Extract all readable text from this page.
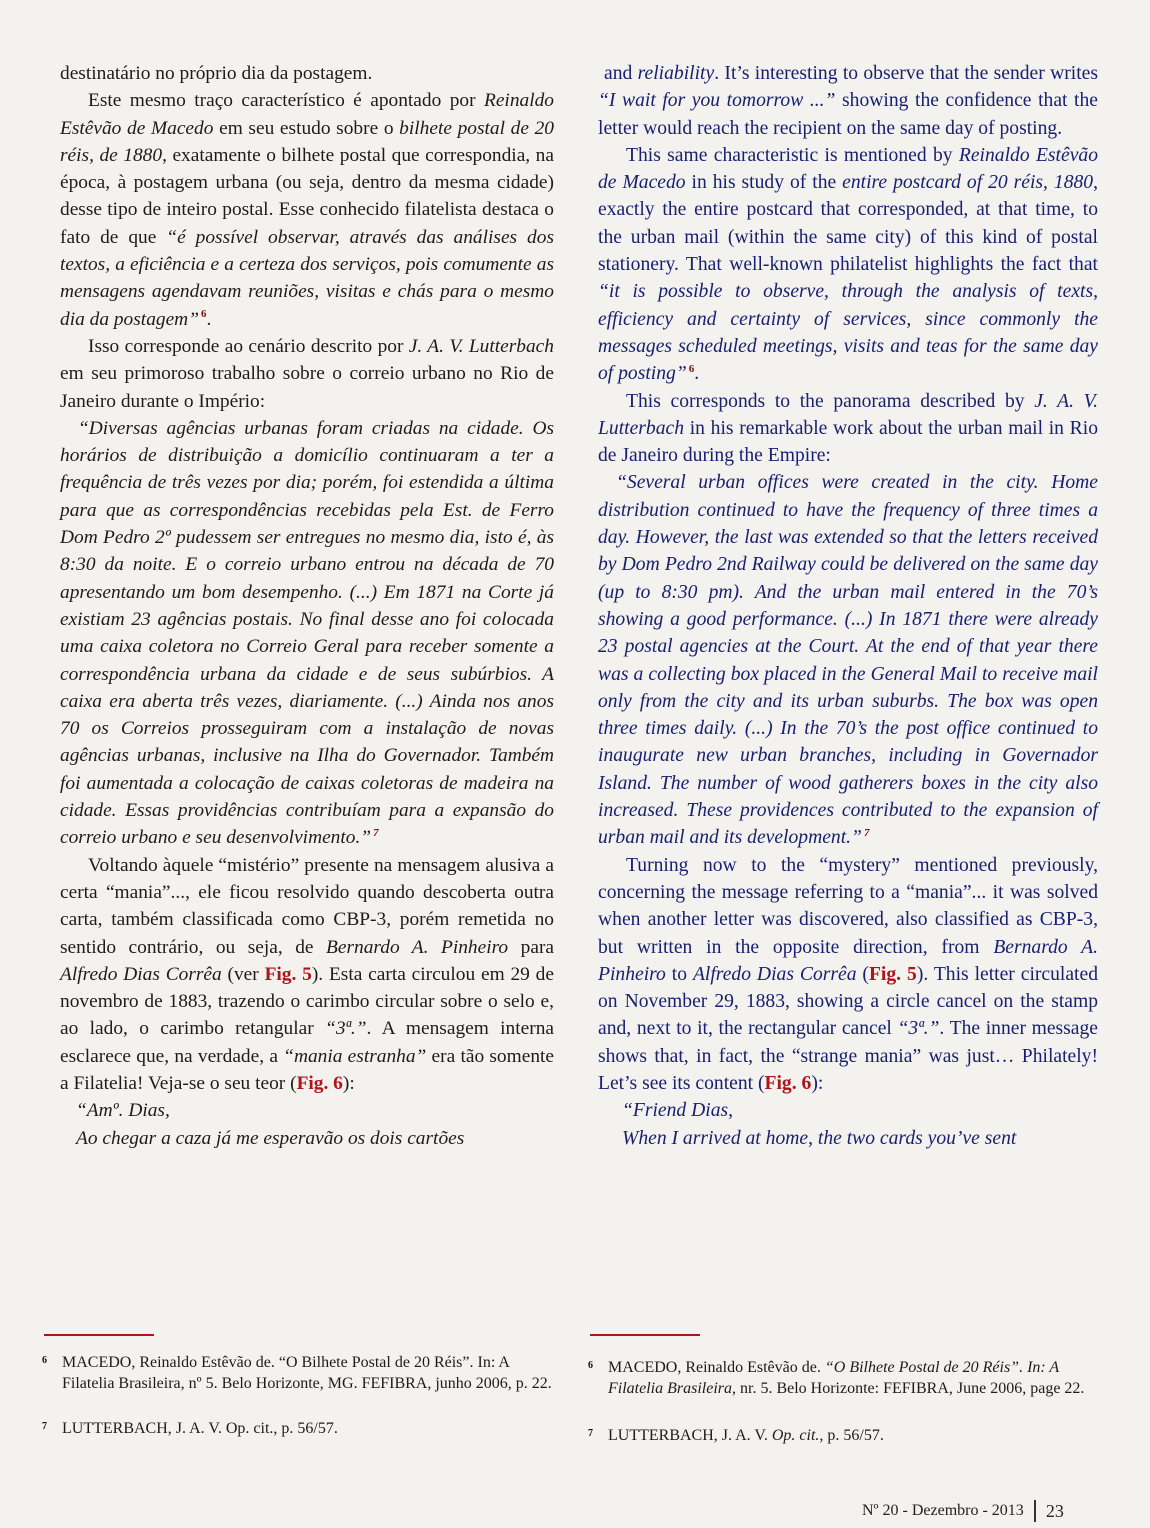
destinatário no próprio dia da postagem.

Este mesmo traço característico é apontado por Reinaldo Estêvão de Macedo em seu estudo sobre o bilhete postal de 20 réis, de 1880, exatamente o bilhete postal que correspondia, na época, à postagem urbana (ou seja, dentro da mesma cidade) desse tipo de inteiro postal. Esse conhecido filatelista destaca o fato de que “é possível observar, através das análises dos textos, a eficiência e a certeza dos serviços, pois comumente as mensagens agendavam reuniões, visitas e chás para o mesmo dia da postagem” $^6$.

Isso corresponde ao cenário descrito por J. A. V. Lutterbach em seu primoroso trabalho sobre o correio urbano no Rio de Janeiro durante o Império:

“Diversas agências urbanas foram criadas na cidade. Os horários de distribuição a domicílio continuaram a ter a frequência de três vezes por dia; porém, foi estendida a última para que as correspondências recebidas pela Est. de Ferro Dom Pedro 2º pudessem ser entregues no mesmo dia, isto é, às 8:30 da noite. E o correio urbano entrou na década de 70 apresentando um bom desempenho. (...) Em 1871 na Corte já existiam 23 agências postais. No final desse ano foi colocada uma caixa coletora no Correio Geral para receber somente a correspondência urbana da cidade e de seus subúrbios. A caixa era aberta três vezes, diariamente. (...) Ainda nos anos 70 os Correios prosseguiram com a instalação de novas agências urbanas, inclusive na Ilha do Governador. Também foi aumentada a colocação de caixas coletoras de madeira na cidade. Essas providências contribuíam para a expansão do correio urbano e seu desenvolvimento.” $^7$

Voltando àquele “mistério” presente na mensagem alusiva a certa “mania”..., ele ficou resolvido quando descoberta outra carta, também classificada como CBP-3, porém remetida no sentido contrário, ou seja, de Bernardo A. Pinheiro para Alfredo Dias Corrêa (ver Fig. 5). Esta carta circulou em 29 de novembro de 1883, trazendo o carimbo circular sobre o selo e, ao lado, o carimbo retangular “3ª.”. A mensagem interna esclarece que, na verdade, a “mania estranha” era tão somente a Filatelia! Veja-se o seu teor (Fig. 6):

“Amº. Dias,

Ao chegar a caza já me esperavão os dois cartões

and reliability. It’s interesting to observe that the sender writes “I wait for you tomorrow ...” showing the confidence that the letter would reach the recipient on the same day of posting.

This same characteristic is mentioned by Reinaldo Estêvão de Macedo in his study of the entire postcard of 20 réis, 1880, exactly the entire postcard that corresponded, at that time, to the urban mail (within the same city) of this kind of postal stationery. That well-known philatelist highlights the fact that “it is possible to observe, through the analysis of texts, efficiency and certainty of services, since commonly the messages scheduled meetings, visits and teas for the same day of posting” $^6$.

This corresponds to the panorama described by J. A. V. Lutterbach in his remarkable work about the urban mail in Rio de Janeiro during the Empire:

“Several urban offices were created in the city. Home distribution continued to have the frequency of three times a day. However, the last was extended so that the letters received by Dom Pedro 2nd Railway could be delivered on the same day (up to 8:30 pm). And the urban mail entered in the 70’s showing a good performance. (...) In 1871 there were already 23 postal agencies at the Court. At the end of that year there was a collecting box placed in the General Mail to receive mail only from the city and its urban suburbs. The box was open three times daily. (...) In the 70’s the post office continued to inaugurate new urban branches, including in Governador Island. The number of wood gatherers boxes in the city also increased. These providences contributed to the expansion of urban mail and its development.” $^7$

Turning now to the “mystery” mentioned previously, concerning the message referring to a “mania”... it was solved when another letter was discovered, also classified as CBP-3, but written in the opposite direction, from Bernardo A. Pinheiro to Alfredo Dias Corrêa (Fig. 5). This letter circulated on November 29, 1883, showing a circle cancel on the stamp and, next to it, the rectangular cancel “3ª.”. The inner message shows that, in fact, the “strange mania” was just… Philately! Let’s see its content (Fig. 6):

“Friend Dias,

When I arrived at home, the two cards you’ve sent

6 MACEDO, Reinaldo Estêvão de. “O Bilhete Postal de 20 Réis”. In: A Filatelia Brasileira, nº 5. Belo Horizonte, MG. FEFIBRA, junho 2006, p. 22.

7 LUTTERBACH, J. A. V. Op. cit., p. 56/57.

6 MACEDO, Reinaldo Estêvão de. “O Bilhete Postal de 20 Réis”. In: A Filatelia Brasileira, nr. 5. Belo Horizonte: FEFIBRA, June 2006, page 22.

7 LUTTERBACH, J. A. V. Op. cit., p. 56/57.

Nº 20 - Dezembro - 2013 23
